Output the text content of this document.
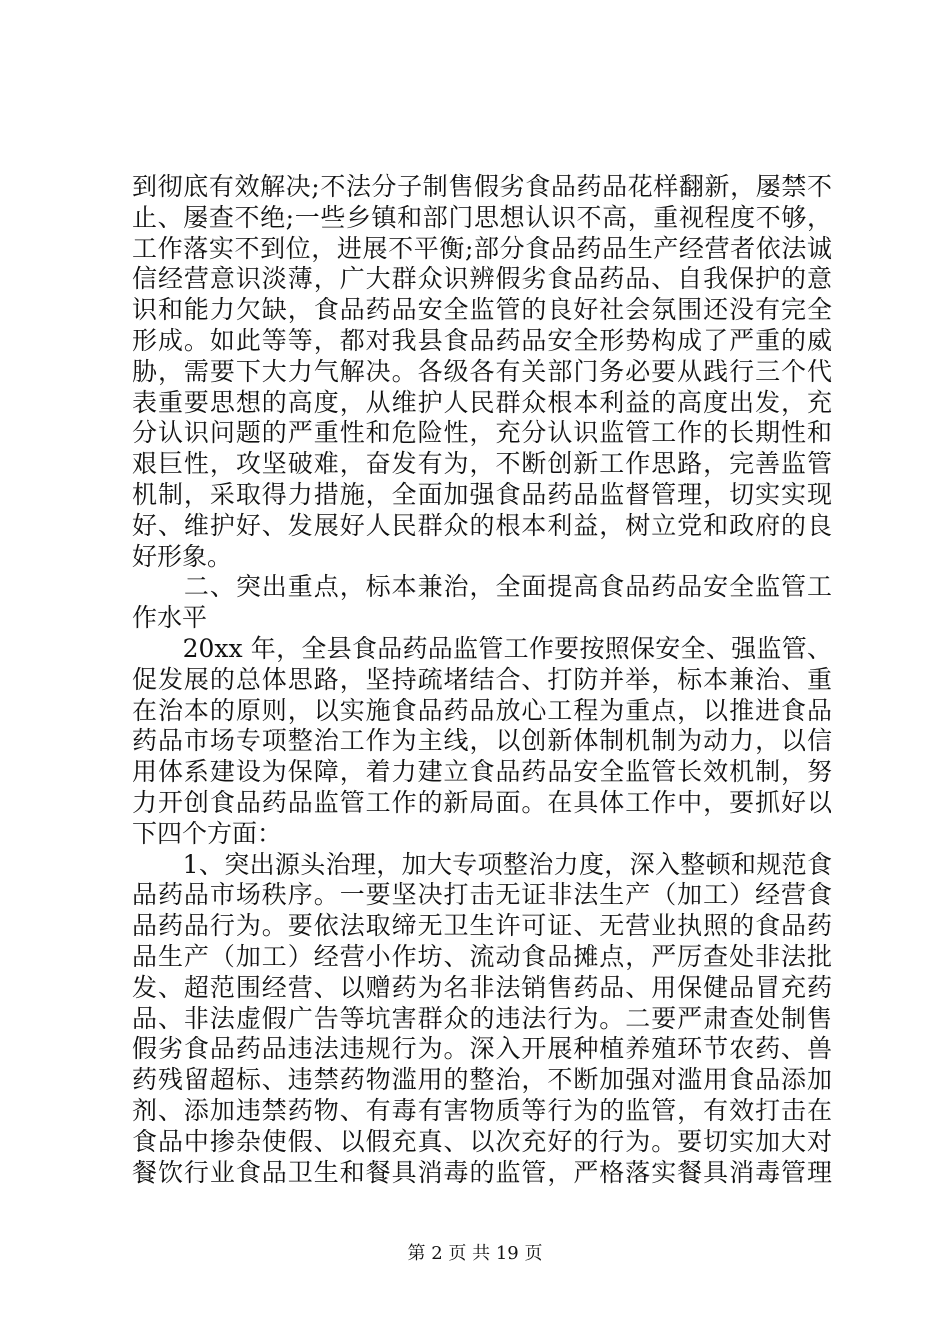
到彻底有效解决;不法分子制售假劣食品药品花样翻新，屡禁不
止、屡查不绝;一些乡镇和部门思想认识不高，重视程度不够，
工作落实不到位，进展不平衡;部分食品药品生产经营者依法诚
信经营意识淡薄，广大群众识辨假劣食品药品、自我保护的意
识和能力欠缺，食品药品安全监管的良好社会氛围还没有完全
形成。如此等等，都对我县食品药品安全形势构成了严重的威
胁，需要下大力气解决。各级各有关部门务必要从践行三个代
表重要思想的高度，从维护人民群众根本利益的高度出发，充
分认识问题的严重性和危险性，充分认识监管工作的长期性和
艰巨性，攻坚破难，奋发有为，不断创新工作思路，完善监管
机制，采取得力措施，全面加强食品药品监督管理，切实实现
好、维护好、发展好人民群众的根本利益，树立党和政府的良
好形象。
　　二、突出重点，标本兼治，全面提高食品药品安全监管工
作水平
　　20xx 年，全县食品药品监管工作要按照保安全、强监管、
促发展的总体思路，坚持疏堵结合、打防并举，标本兼治、重
在治本的原则，以实施食品药品放心工程为重点，以推进食品
药品市场专项整治工作为主线，以创新体制机制为动力，以信
用体系建设为保障，着力建立食品药品安全监管长效机制，努
力开创食品药品监管工作的新局面。在具体工作中，要抓好以
下四个方面：
　　1、突出源头治理，加大专项整治力度，深入整顿和规范食
品药品市场秩序。一要坚决打击无证非法生产（加工）经营食
品药品行为。要依法取缔无卫生许可证、无营业执照的食品药
品生产（加工）经营小作坊、流动食品摊点，严厉查处非法批
发、超范围经营、以赠药为名非法销售药品、用保健品冒充药
品、非法虚假广告等坑害群众的违法行为。二要严肃查处制售
假劣食品药品违法违规行为。深入开展种植养殖环节农药、兽
药残留超标、违禁药物滥用的整治，不断加强对滥用食品添加
剂、添加违禁药物、有毒有害物质等行为的监管，有效打击在
食品中掺杂使假、以假充真、以次充好的行为。要切实加大对
餐饮行业食品卫生和餐具消毒的监管，严格落实餐具消毒管理
第 2 页 共 19 页
